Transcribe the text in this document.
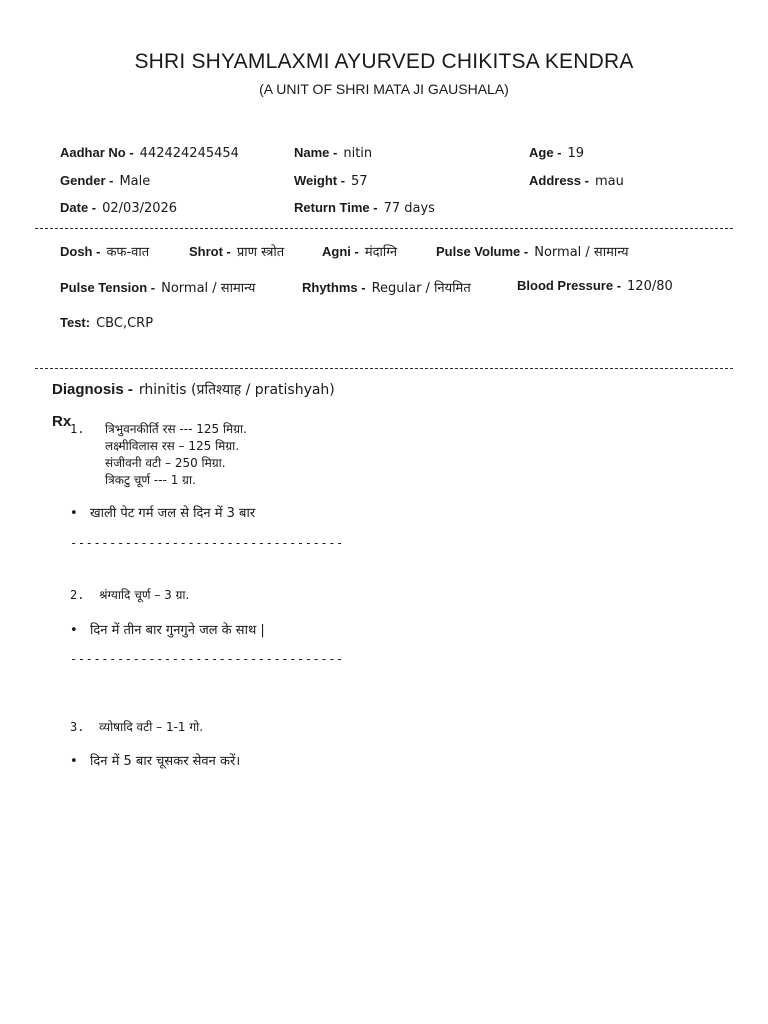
SHRI SHYAMLAXMI AYURVED CHIKITSA KENDRA
(A UNIT OF SHRI MATA JI GAUSHALA)
Aadhar No - 442424245454	Name - nitin	Age - 19
Gender - Male	Weight - 57	Address - mau
Date - 02/03/2026	Return Time - 77 days
Dosh - कफ-वात	Shrot - प्राण स्त्रोत	Agni - मंदाग्नि	Pulse Volume - Normal / सामान्य
Pulse Tension - Normal / सामान्य	Rhythms - Regular / नियमित	Blood Pressure - 120/80
Test: CBC,CRP
Diagnosis - rhinitis (प्रतिश्याह / pratishyah)
Rx
1. त्रिभुवनकीर्ति रस --- 125 मिग्रा.
लक्ष्मीविलास रस – 125 मिग्रा.
संजीवनी वटी – 250 मिग्रा.
त्रिकटु चूर्ण --- 1 ग्रा.
• खाली पेट गर्म जल से दिन में 3 बार
-----------------------------------
2. श्रंग्यादि चूर्ण – 3 ग्रा.
• दिन में तीन बार गुनगुने जल के साथ |
-----------------------------------
3. व्योषादि वटी – 1-1 गो.
• दिन में 5 बार चूसकर सेवन करें।
